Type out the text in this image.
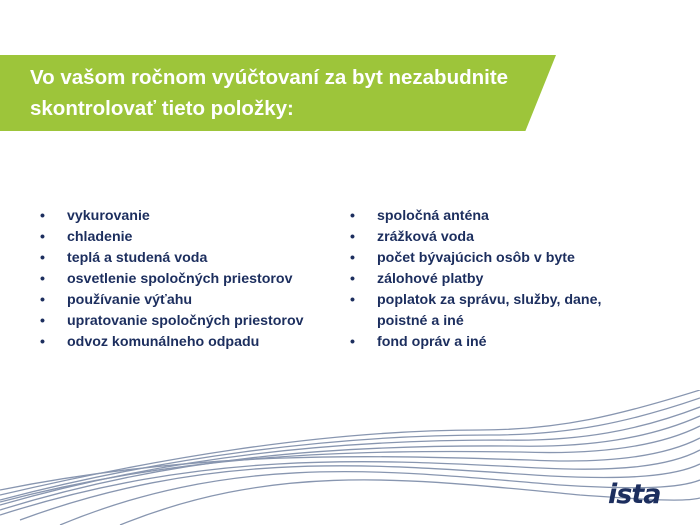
Vo vašom ročnom vyúčtovaní za byt nezabudnite skontrolovať tieto položky:
• vykurovanie
• chladenie
• teplá a studená voda
• osvetlenie spoločných priestorov
• používanie výťahu
• upratovanie spoločných priestorov
• odvoz komunálneho odpadu
• spoločná anténa
• zrážková voda
• počet bývajúcich osôb v byte
• zálohové platby
• poplatok za správu, služby, dane, poistné a iné
• fond opráv a iné
ista
